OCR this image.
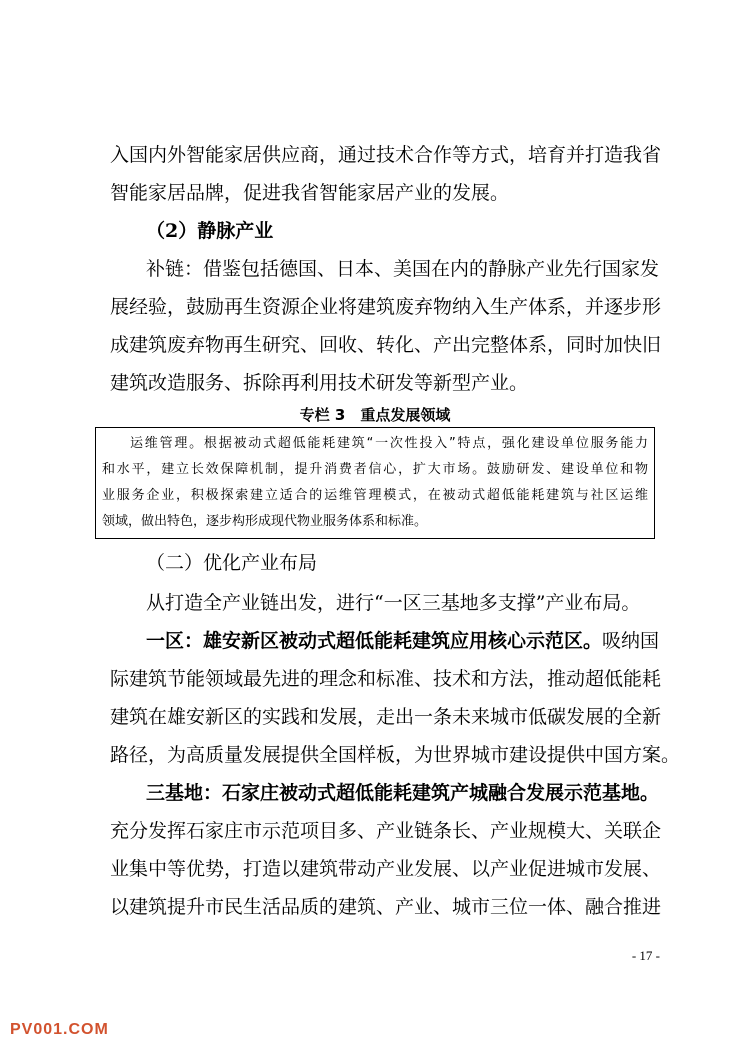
入国内外智能家居供应商，通过技术合作等方式，培育并打造我省
智能家居品牌，促进我省智能家居产业的发展。
（2）静脉产业
补链：借鉴包括德国、日本、美国在内的静脉产业先行国家发
展经验，鼓励再生资源企业将建筑废弃物纳入生产体系，并逐步形
成建筑废弃物再生研究、回收、转化、产出完整体系，同时加快旧
建筑改造服务、拆除再利用技术研发等新型产业。
专栏 3　重点发展领域
运维管理。根据被动式超低能耗建筑“一次性投入”特点，强化建设单位服务能力
和水平，建立长效保障机制，提升消费者信心，扩大市场。鼓励研发、建设单位和物
业服务企业，积极探索建立适合的运维管理模式，在被动式超低能耗建筑与社区运维
领域，做出特色，逐步构形成现代物业服务体系和标准。
（二）优化产业布局
从打造全产业链出发，进行“一区三基地多支撑”产业布局。
一区：雄安新区被动式超低能耗建筑应用核心示范区。吸纳国
际建筑节能领域最先进的理念和标准、技术和方法，推动超低能耗
建筑在雄安新区的实践和发展，走出一条未来城市低碳发展的全新
路径，为高质量发展提供全国样板，为世界城市建设提供中国方案。
三基地：石家庄被动式超低能耗建筑产城融合发展示范基地。
充分发挥石家庄市示范项目多、产业链条长、产业规模大、关联企
业集中等优势，打造以建筑带动产业发展、以产业促进城市发展、
以建筑提升市民生活品质的建筑、产业、城市三位一体、融合推进
- 17 -
PV001.COM
